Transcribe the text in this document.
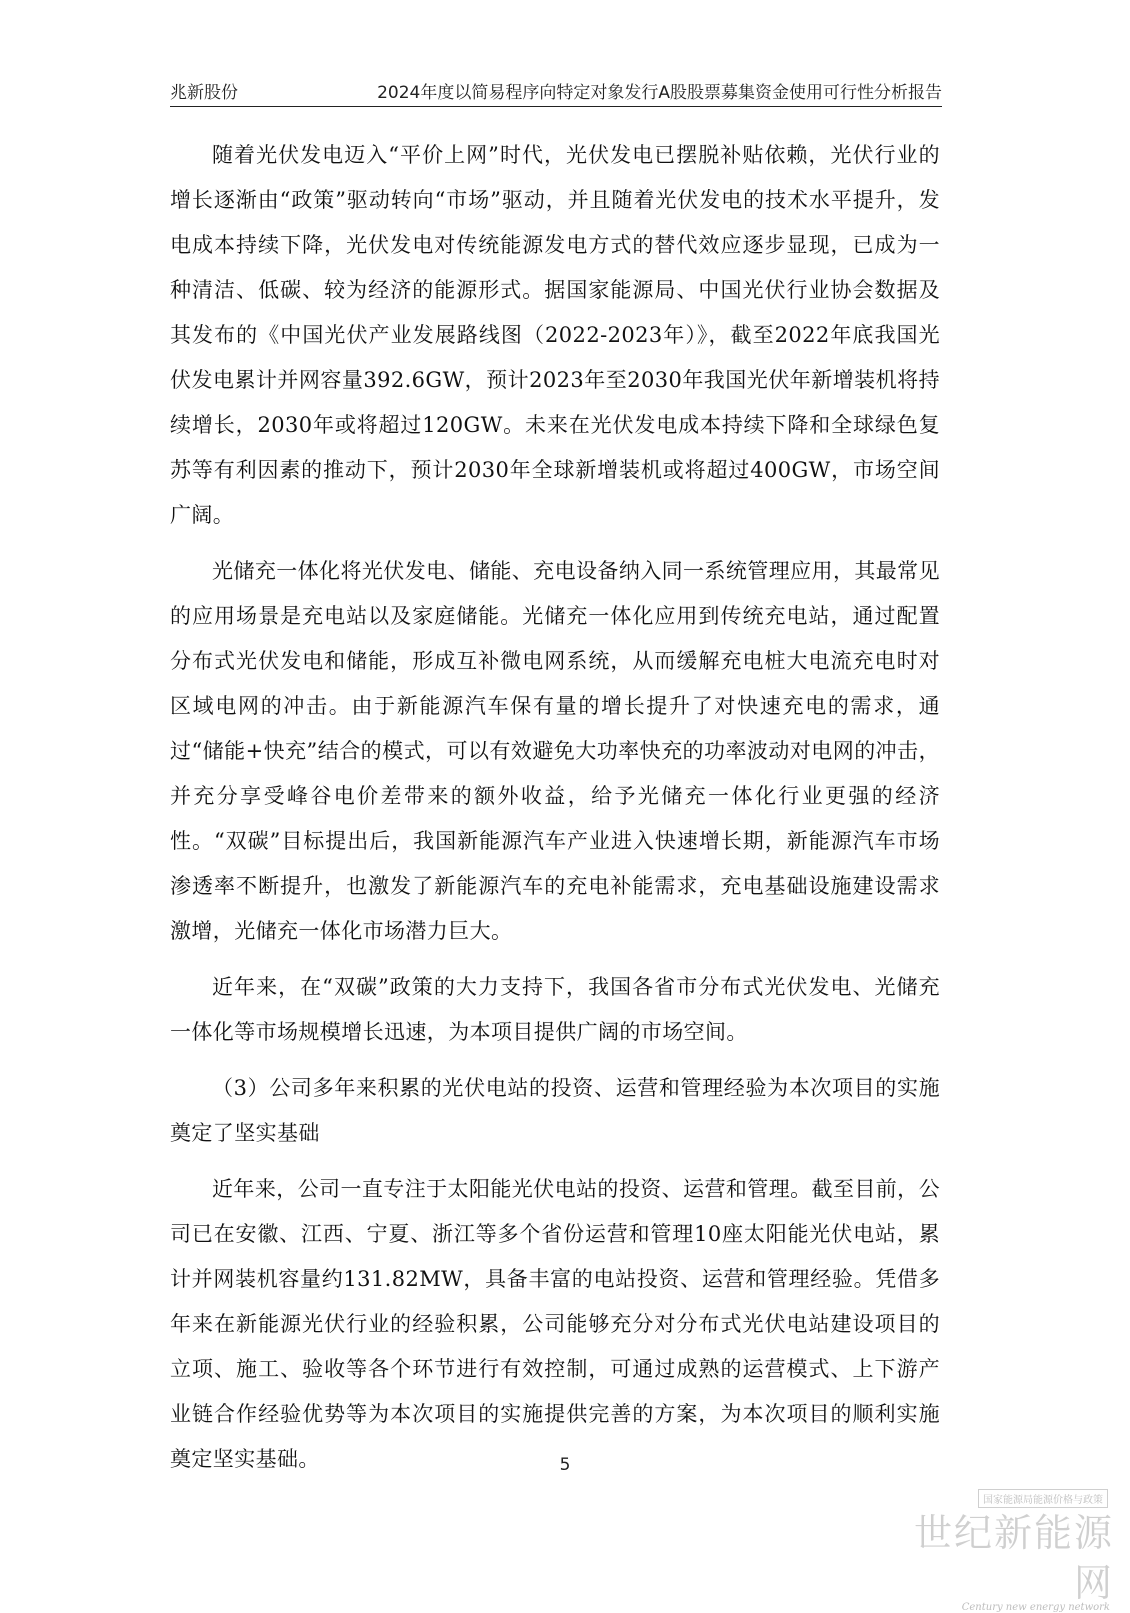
兆新股份	2024年度以简易程序向特定对象发行A股股票募集资金使用可行性分析报告

随着光伏发电迈入“平价上网”时代，光伏发电已摆脱补贴依赖，光伏行业的增长逐渐由“政策”驱动转向“市场”驱动，并且随着光伏发电的技术水平提升，发电成本持续下降，光伏发电对传统能源发电方式的替代效应逐步显现，已成为一种清洁、低碳、较为经济的能源形式。据国家能源局、中国光伏行业协会数据及其发布的《中国光伏产业发展路线图（2022-2023年）》，截至2022年底我国光伏发电累计并网容量392.6GW，预计2023年至2030年我国光伏年新增装机将持续增长，2030年或将超过120GW。未来在光伏发电成本持续下降和全球绿色复苏等有利因素的推动下，预计2030年全球新增装机或将超过400GW，市场空间广阔。

光储充一体化将光伏发电、储能、充电设备纳入同一系统管理应用，其最常见的应用场景是充电站以及家庭储能。光储充一体化应用到传统充电站，通过配置分布式光伏发电和储能，形成互补微电网系统，从而缓解充电桩大电流充电时对区域电网的冲击。由于新能源汽车保有量的增长提升了对快速充电的需求，通过“储能+快充”结合的模式，可以有效避免大功率快充的功率波动对电网的冲击，并充分享受峰谷电价差带来的额外收益，给予光储充一体化行业更强的经济性。“双碳”目标提出后，我国新能源汽车产业进入快速增长期，新能源汽车市场渗透率不断提升，也激发了新能源汽车的充电补能需求，充电基础设施建设需求激增，光储充一体化市场潜力巨大。

近年来，在“双碳”政策的大力支持下，我国各省市分布式光伏发电、光储充一体化等市场规模增长迅速，为本项目提供广阔的市场空间。

（3）公司多年来积累的光伏电站的投资、运营和管理经验为本次项目的实施奠定了坚实基础

近年来，公司一直专注于太阳能光伏电站的投资、运营和管理。截至目前，公司已在安徽、江西、宁夏、浙江等多个省份运营和管理10座太阳能光伏电站，累计并网装机容量约131.82MW，具备丰富的电站投资、运营和管理经验。凭借多年来在新能源光伏行业的经验积累，公司能够充分对分布式光伏电站建设项目的立项、施工、验收等各个环节进行有效控制，可通过成熟的运营模式、上下游产业链合作经验优势等为本次项目的实施提供完善的方案，为本次项目的顺利实施奠定坚实基础。	5
国家能源局能源价格与政策
世纪新能源网
Century new energy network
